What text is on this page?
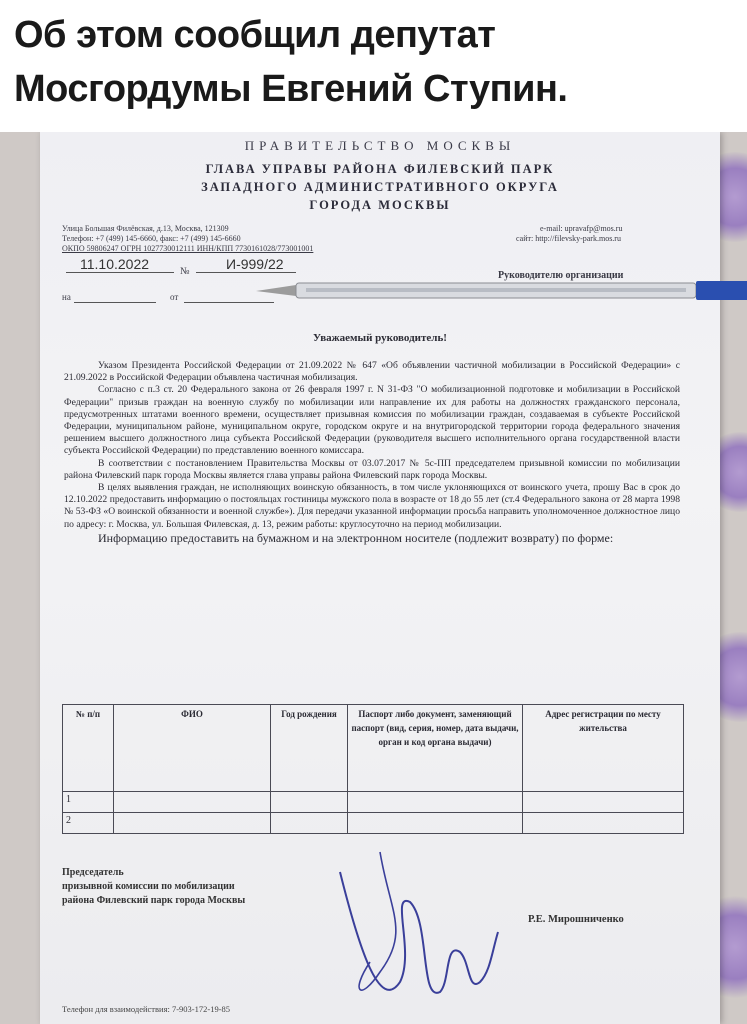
Об этом сообщил депутат Мосгордумы Евгений Ступин.
ПРАВИТЕЛЬСТВО МОСКВЫ
ГЛАВА УПРАВЫ РАЙОНА ФИЛЕВСКИЙ ПАРК
ЗАПАДНОГО АДМИНИСТРАТИВНОГО ОКРУГА
ГОРОДА МОСКВЫ
Улица Большая Филёвская, д.13, Москва, 121309
Телефон: +7 (499) 145-6660, факс: +7 (499) 145-6660
ОКПО 59806247 ОГРН 1027730012111 ИНН/КПП 7730161028/773001001
e-mail: upravafp@mos.ru
сайт: http://filevsky-park.mos.ru
11.10.2022	№	И-999/22
Руководителю организации
на	от
Уважаемый руководитель!

Указом Президента Российской Федерации от 21.09.2022 № 647 «Об объявлении частичной мобилизации в Российской Федерации» с 21.09.2022 в Российской Федерации объявлена частичная мобилизация.

Согласно с п.3 ст. 20 Федерального закона от 26 февраля 1997 г. N 31-ФЗ "О мобилизационной подготовке и мобилизации в Российской Федерации" призыв граждан на военную службу по мобилизации или направление их для работы на должностях гражданского персонала, предусмотренных штатами военного времени, осуществляет призывная комиссия по мобилизации граждан, создаваемая в субъекте Российской Федерации, муниципальном районе, муниципальном округе, городском округе и на внутригородской территории города федерального значения решением высшего должностного лица субъекта Российской Федерации (руководителя высшего исполнительного органа государственной власти субъекта Российской Федерации) по представлению военного комиссара.

В соответствии с постановлением Правительства Москвы от 03.07.2017 № 5с-ПП председателем призывной комиссии по мобилизации района Филевский парк города Москвы является глава управы района Филевский парк города Москвы.

В целях выявления граждан, не исполняющих воинскую обязанность, в том числе уклоняющихся от воинского учета, прошу Вас в срок до 12.10.2022 предоставить информацию о постояльцах гостиницы мужского пола в возрасте от 18 до 55 лет (ст.4 Федерального закона от 28 марта 1998 № 53-ФЗ «О воинской обязанности и военной службе»). Для передачи указанной информации просьба направить уполномоченное должностное лицо по адресу: г. Москва, ул. Большая Филевская, д. 13, режим работы: круглосуточно на период мобилизации.

Информацию предоставить на бумажном и на электронном носителе (подлежит возврату) по форме:

№ п/п	ФИО	Год рождения	Паспорт либо документ, заменяющий паспорт (вид, серия, номер, дата выдачи, орган и код органа выдачи)	Адрес регистрации по месту жительства
1				
2				
Председатель
призывной комиссии по мобилизации
района Филевский парк города Москвы
Р.Е. Мирошниченко
Телефон для взаимодействия: 7-903-172-19-85
